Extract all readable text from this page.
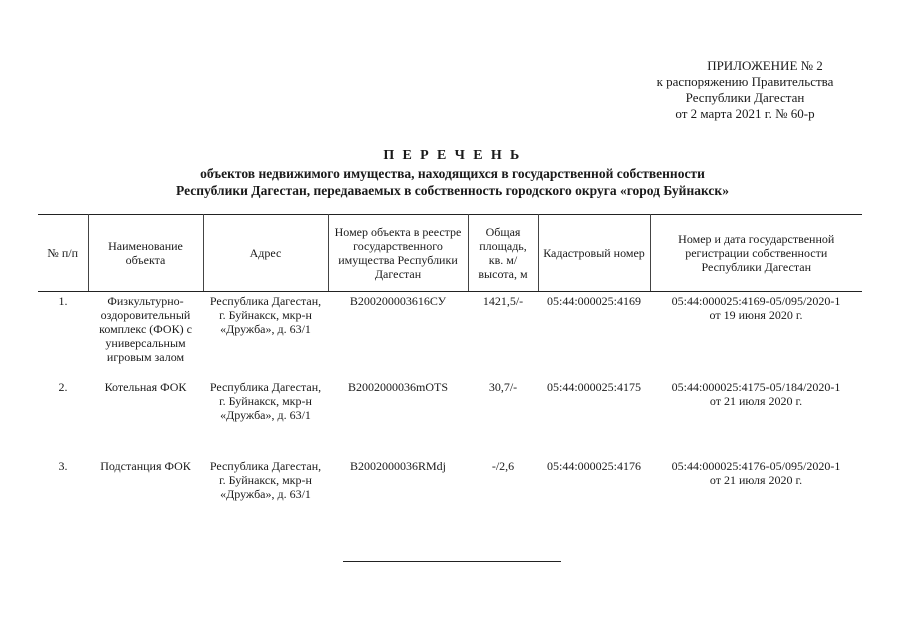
ПРИЛОЖЕНИЕ № 2
к распоряжению Правительства
Республики Дагестан
от 2 марта 2021 г. № 60-р
П Е Р Е Ч Е Н Ь
объектов недвижимого имущества, находящихся в государственной собственности
Республики Дагестан, передаваемых в собственность городского округа «город Буйнакск»
№ п/п	Наименование объекта	Адрес	Номер объекта в реестре государственного имущества Республики Дагестан	Общая площадь, кв. м/ высота, м	Кадастровый номер	Номер и дата государственной регистрации собственности Республики Дагестан
1.	Физкультурно-оздоровительный комплекс (ФОК) с универсальным игровым залом	Республика Дагестан, г. Буйнакск, мкр-н «Дружба», д. 63/1	В200200003616СУ	1421,5/-	05:44:000025:4169	05:44:000025:4169-05/095/2020-1
от 19 июня 2020 г.

2.	Котельная ФОК	Республика Дагестан, г. Буйнакск, мкр-н «Дружба», д. 63/1	В2002000036mOTS	30,7/-	05:44:000025:4175	05:44:000025:4175-05/184/2020-1
от 21 июля 2020 г.

3.	Подстанция ФОК	Республика Дагестан, г. Буйнакск, мкр-н «Дружба», д. 63/1	В2002000036RMdj	-/2,6	05:44:000025:4176	05:44:000025:4176-05/095/2020-1
от 21 июля 2020 г.
